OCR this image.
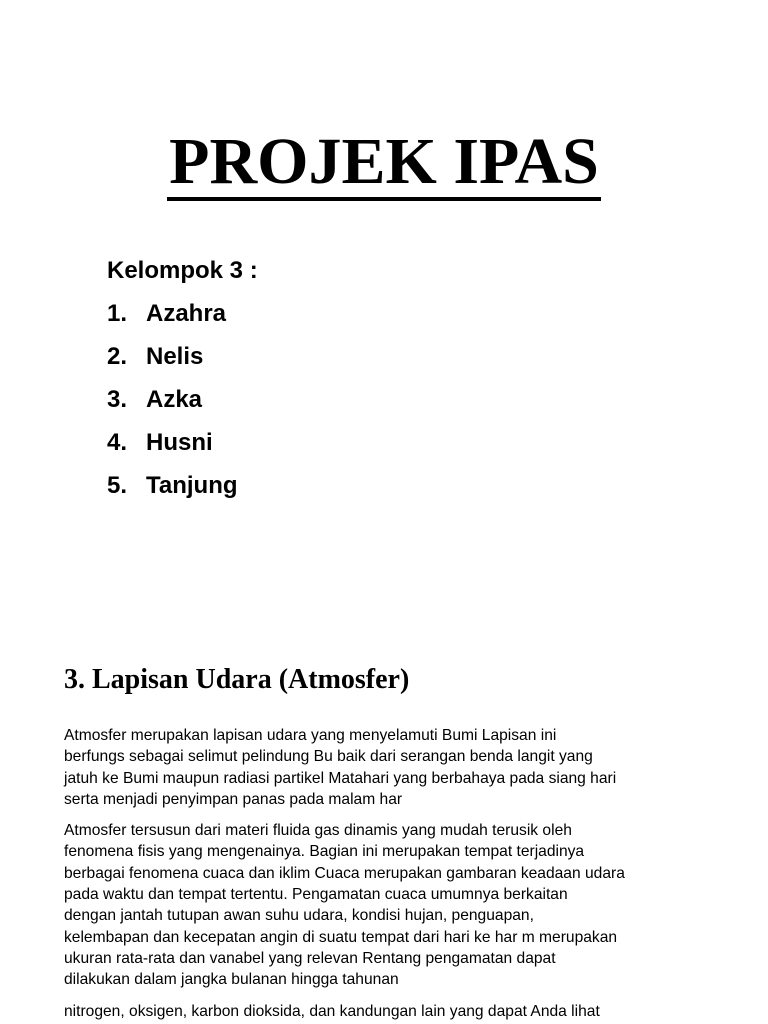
PROJEK IPAS
Kelompok 3 :
1. Azahra
2. Nelis
3. Azka
4. Husni
5. Tanjung
3. Lapisan Udara (Atmosfer)

Atmosfer merupakan lapisan udara yang menyelamuti Bumi Lapisan ini
berfungs sebagai selimut pelindung Bu baik dari serangan benda langit yang
jatuh ke Bumi maupun radiasi partikel Matahari yang berbahaya pada siang hari
serta menjadi penyimpan panas pada malam har

Atmosfer tersusun dari materi fluida gas dinamis yang mudah terusik oleh
fenomena fisis yang mengenainya. Bagian ini merupakan tempat terjadinya
berbagai fenomena cuaca dan iklim Cuaca merupakan gambaran keadaan udara
pada waktu dan tempat tertentu. Pengamatan cuaca umumnya berkaitan
dengan jantah tutupan awan suhu udara, kondisi hujan, penguapan,
kelembapan dan kecepatan angin di suatu tempat dari hari ke har m merupakan
ukuran rata-rata dan vanabel yang relevan Rentang pengamatan dapat
dilakukan dalam jangka bulanan hingga tahunan

nitrogen, oksigen, karbon dioksida, dan kandungan lain yang dapat Anda lihat
